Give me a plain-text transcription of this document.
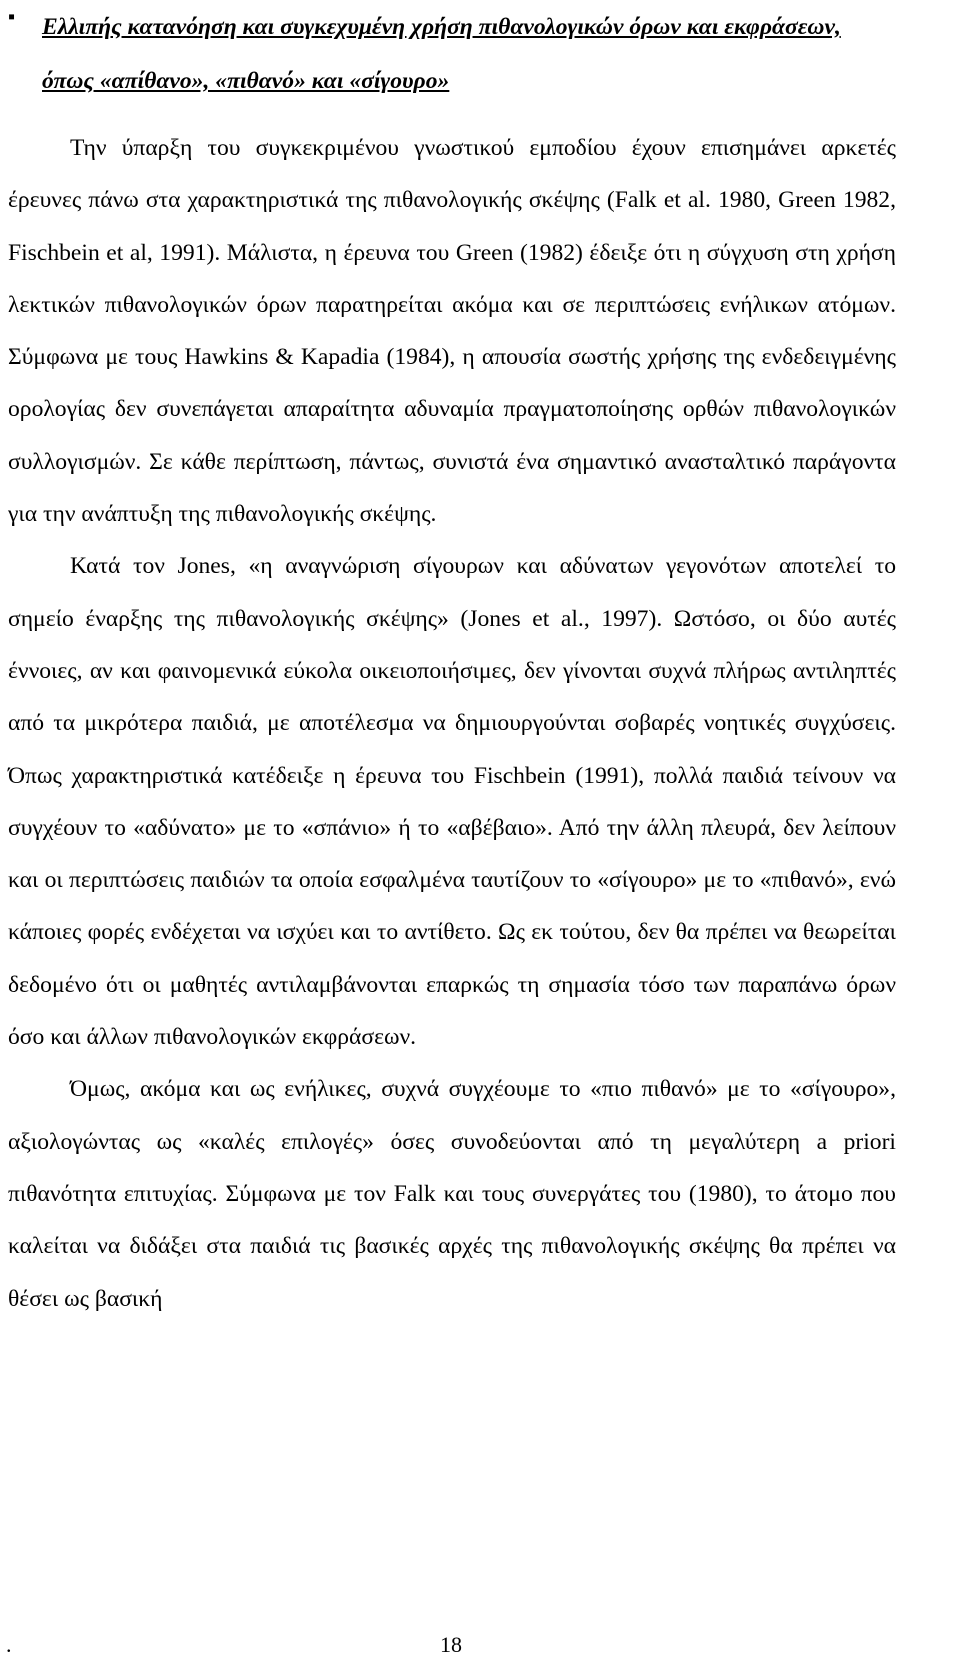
▪ Ελλιπής κατανόηση και συγκεχυμένη χρήση πιθανολογικών όρων και εκφράσεων, όπως «απίθανο», «πιθανό» και «σίγουρο»

Την ύπαρξη του συγκεκριμένου γνωστικού εμποδίου έχουν επισημάνει αρκετές έρευνες πάνω στα χαρακτηριστικά της πιθανολογικής σκέψης (Falk et al. 1980, Green 1982, Fischbein et al, 1991). Μάλιστα, η έρευνα του Green (1982) έδειξε ότι η σύγχυση στη χρήση λεκτικών πιθανολογικών όρων παρατηρείται ακόμα και σε περιπτώσεις ενήλικων ατόμων. Σύμφωνα με τους Hawkins & Kapadia (1984), η απουσία σωστής χρήσης της ενδεδειγμένης ορολογίας δεν συνεπάγεται απαραίτητα αδυναμία πραγματοποίησης ορθών πιθανολογικών συλλογισμών. Σε κάθε περίπτωση, πάντως, συνιστά ένα σημαντικό ανασταλτικό παράγοντα για την ανάπτυξη της πιθανολογικής σκέψης.

Κατά τον Jones, «η αναγνώριση σίγουρων και αδύνατων γεγονότων αποτελεί το σημείο έναρξης της πιθανολογικής σκέψης» (Jones et al., 1997). Ωστόσο, οι δύο αυτές έννοιες, αν και φαινομενικά εύκολα οικειοποιήσιμες, δεν γίνονται συχνά πλήρως αντιληπτές από τα μικρότερα παιδιά, με αποτέλεσμα να δημιουργούνται σοβαρές νοητικές συγχύσεις. Όπως χαρακτηριστικά κατέδειξε η έρευνα του Fischbein (1991), πολλά παιδιά τείνουν να συγχέουν το «αδύνατο» με το «σπάνιο» ή το «αβέβαιο». Από την άλλη πλευρά, δεν λείπουν και οι περιπτώσεις παιδιών τα οποία εσφαλμένα ταυτίζουν το «σίγουρο» με το «πιθανό», ενώ κάποιες φορές ενδέχεται να ισχύει και το αντίθετο. Ως εκ τούτου, δεν θα πρέπει να θεωρείται δεδομένο ότι οι μαθητές αντιλαμβάνονται επαρκώς τη σημασία τόσο των παραπάνω όρων όσο και άλλων πιθανολογικών εκφράσεων.

Όμως, ακόμα και ως ενήλικες, συχνά συγχέουμε το «πιο πιθανό» με το «σίγουρο», αξιολογώντας ως «καλές επιλογές» όσες συνοδεύονται από τη μεγαλύτερη a priori πιθανότητα επιτυχίας. Σύμφωνα με τον Falk και τους συνεργάτες του (1980), το άτομο που καλείται να διδάξει στα παιδιά τις βασικές αρχές της πιθανολογικής σκέψης θα πρέπει να θέσει ως βασική

.	18
